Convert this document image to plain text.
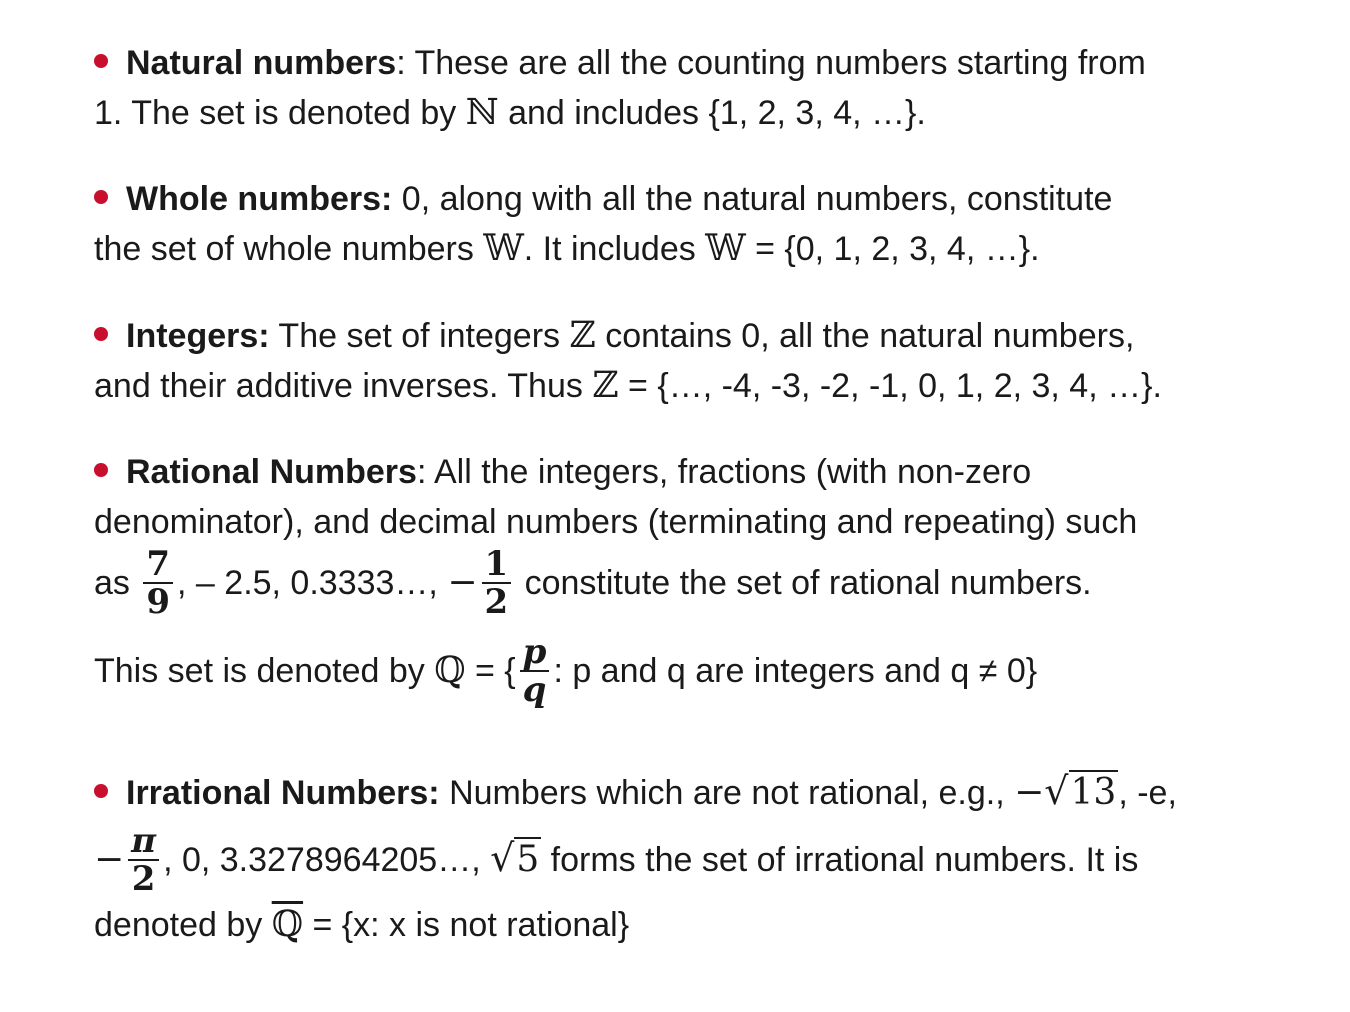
Natural numbers: These are all the counting numbers starting from
1. The set is denoted by ℕ and includes {1, 2, 3, 4, …}.
Whole numbers: 0, along with all the natural numbers, constitute
the set of whole numbers 𝕎. It includes 𝕎 = {0, 1, 2, 3, 4, …}.
Integers: The set of integers ℤ contains 0, all the natural numbers,
and their additive inverses. Thus ℤ = {…, -4, -3, -2, -1, 0, 1, 2, 3, 4, …}.
Rational Numbers: All the integers, fractions (with non-zero
denominator), and decimal numbers (terminating and repeating) such
as $\frac{7}{9}$ , – 2.5, 0.3333…, − $\frac{1}{2}$ constitute the set of rational numbers.
This set is denoted by ℚ = { $\frac{p}{q}$ : p and q are integers and q ≠ 0}
Irrational Numbers: Numbers which are not rational, e.g., −√13, -e,
− $\frac{\pi}{2}$ , 0, 3.3278964205…, √5 forms the set of irrational numbers. It is
denoted by ℚ = {x: x is not rational}
